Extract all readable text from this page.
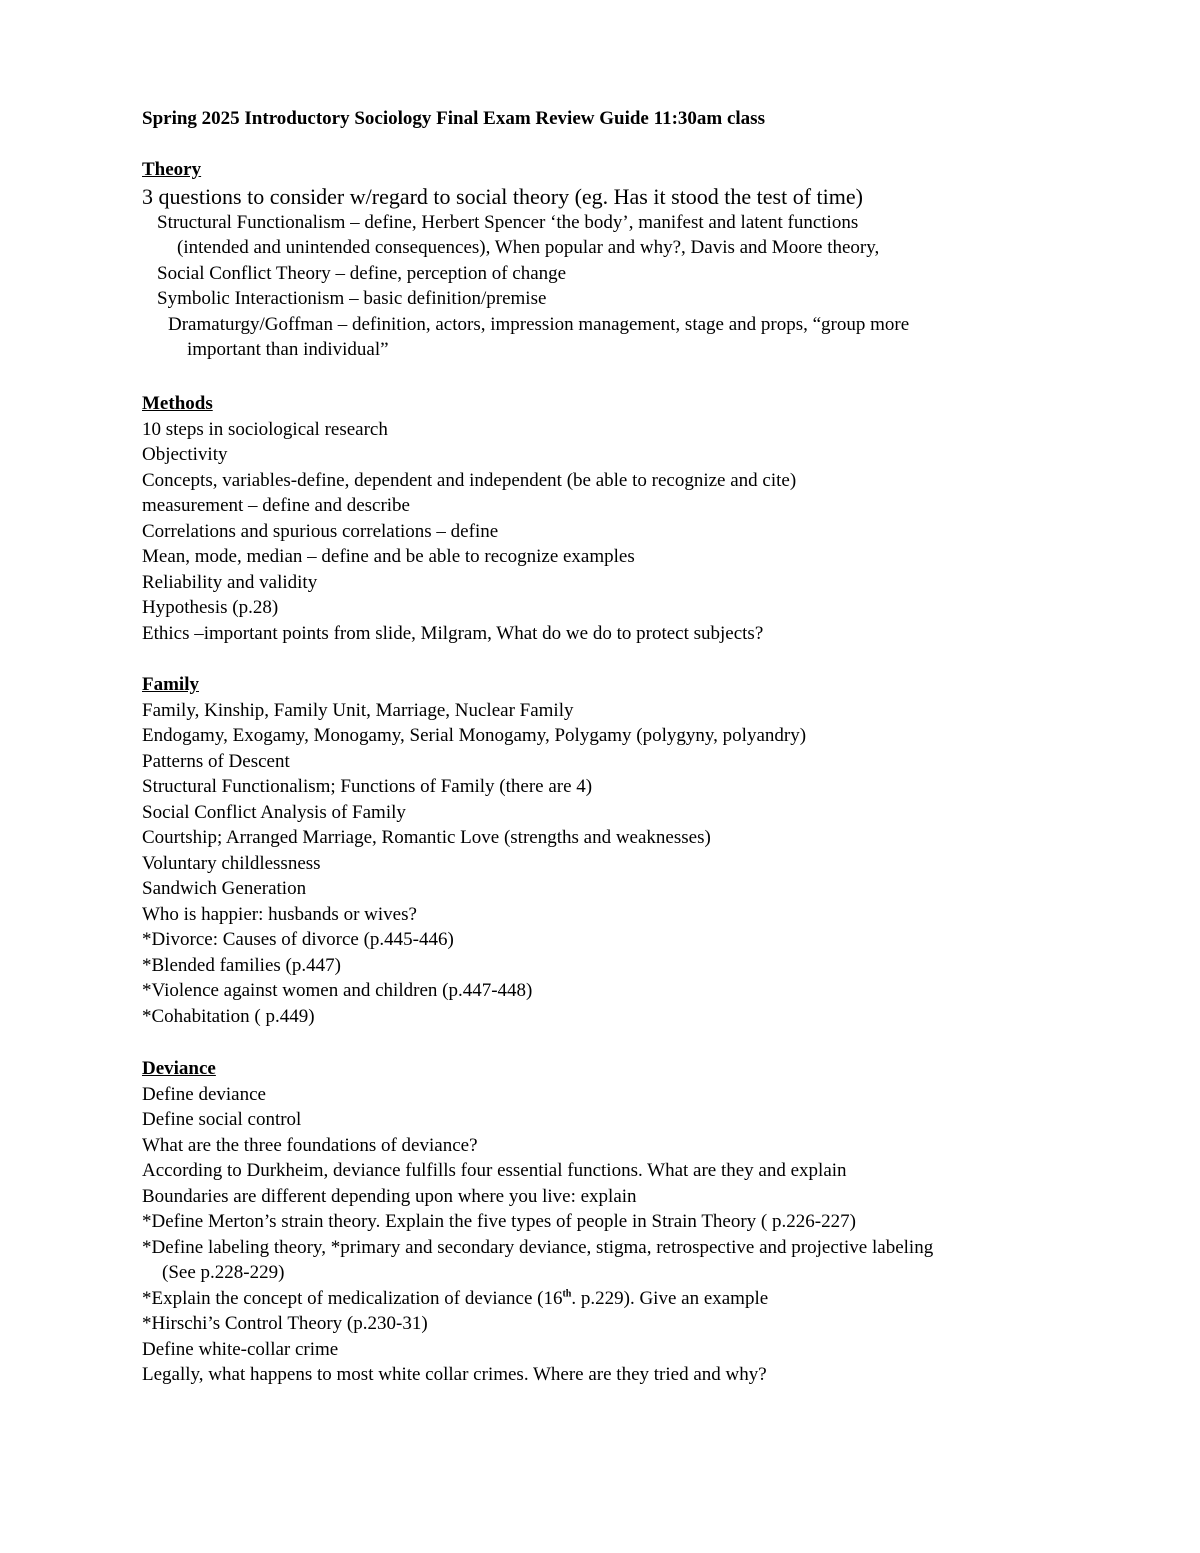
Spring 2025 Introductory Sociology Final Exam Review Guide 11:30am class
Theory
3 questions to consider w/regard to social theory (eg. Has it stood the test of time)
Structural Functionalism – define, Herbert Spencer ‘the body’, manifest and latent functions
(intended and unintended consequences), When popular and why?, Davis and Moore theory,
Social Conflict Theory – define, perception of change
Symbolic Interactionism – basic definition/premise
Dramaturgy/Goffman – definition, actors, impression management, stage and props, “group more
important than individual”
Methods
10 steps in sociological research
Objectivity
Concepts, variables-define, dependent and independent (be able to recognize and cite)
measurement – define and describe
Correlations and spurious correlations – define
Mean, mode, median – define and be able to recognize examples
Reliability and validity
Hypothesis (p.28)
Ethics –important points from slide, Milgram, What do we do to protect subjects?
Family
Family, Kinship, Family Unit, Marriage, Nuclear Family
Endogamy, Exogamy, Monogamy, Serial Monogamy, Polygamy (polygyny, polyandry)
Patterns of Descent
Structural Functionalism; Functions of Family (there are 4)
Social Conflict Analysis of Family
Courtship; Arranged Marriage, Romantic Love (strengths and weaknesses)
Voluntary childlessness
Sandwich Generation
Who is happier: husbands or wives?
*Divorce: Causes of divorce (p.445-446)
*Blended families (p.447)
*Violence against women and children (p.447-448)
*Cohabitation ( p.449)
Deviance
Define deviance
Define social control
What are the three foundations of deviance?
According to Durkheim, deviance fulfills four essential functions. What are they and explain
Boundaries are different depending upon where you live: explain
*Define Merton’s strain theory. Explain the five types of people in Strain Theory ( p.226-227)
*Define labeling theory, *primary and secondary deviance, stigma, retrospective and projective labeling
(See p.228-229)
*Explain the concept of medicalization of deviance (16th. p.229). Give an example
*Hirschi’s Control Theory (p.230-31)
Define white-collar crime
Legally, what happens to most white collar crimes. Where are they tried and why?
